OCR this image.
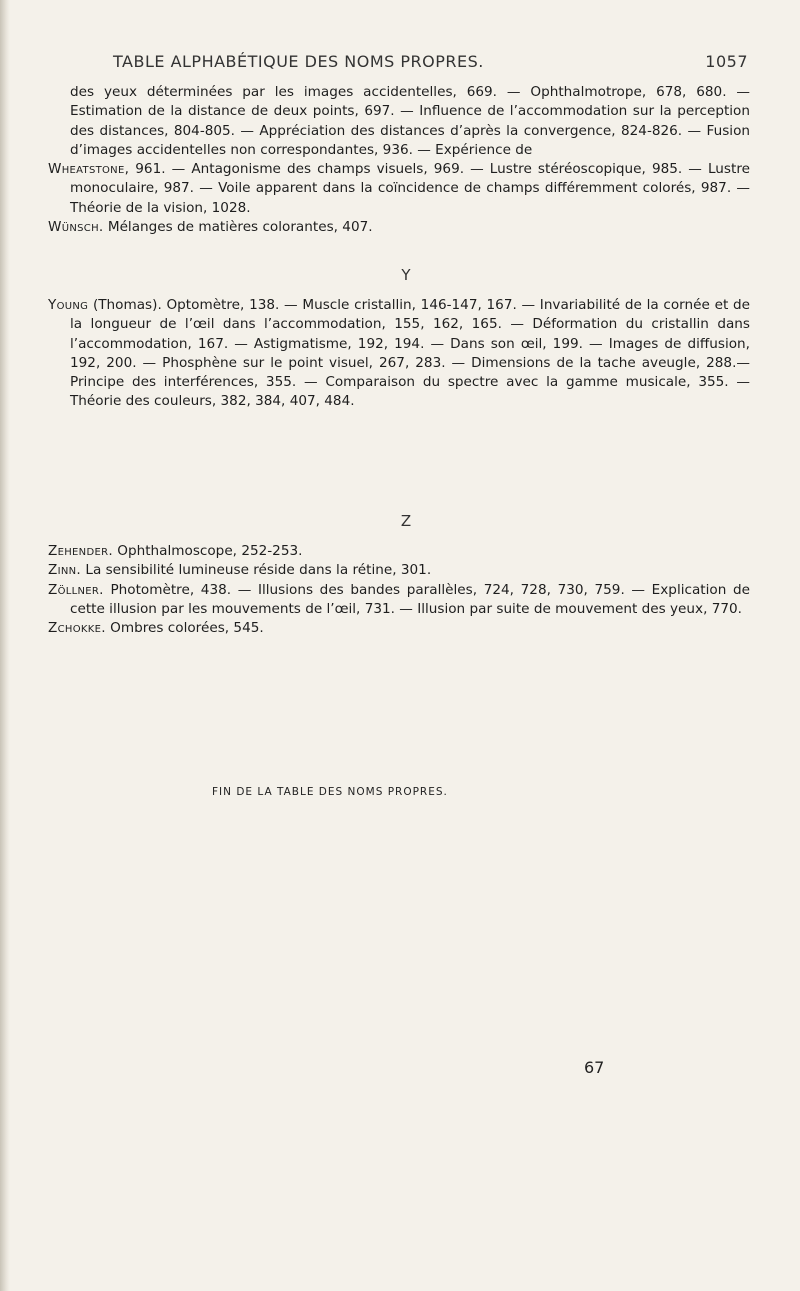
TABLE ALPHABÉTIQUE DES NOMS PROPRES.	1057

des yeux déterminées par les images accidentelles, 669. — Ophthalmotrope, 678, 680. — Estimation de la distance de deux points, 697. — Influence de l’accommodation sur la perception des distances, 804-805. — Appréciation des distances d’après la convergence, 824-826. — Fusion d’images accidentelles non correspondantes, 936. — Expérience de

Wheatstone, 961. — Antagonisme des champs visuels, 969. — Lustre stéréoscopique, 985. — Lustre monoculaire, 987. — Voile apparent dans la coïncidence de champs différemment colorés, 987. — Théorie de la vision, 1028.

Wünsch. Mélanges de matières colorantes, 407.

Y

Young (Thomas). Optomètre, 138. — Muscle cristallin, 146-147, 167. — Invariabilité de la cornée et de la longueur de l’œil dans l’accommodation, 155, 162, 165. — Déformation du cristallin dans l’accommodation, 167. — Astigmatisme, 192, 194. — Dans son œil, 199. — Images de diffusion, 192, 200. — Phosphène sur le point visuel, 267, 283. — Dimensions de la tache aveugle, 288.— Principe des interférences, 355. — Comparaison du spectre avec la gamme musicale, 355. — Théorie des couleurs, 382, 384, 407, 484.

Z

Zehender. Ophthalmoscope, 252-253.

Zinn. La sensibilité lumineuse réside dans la rétine, 301.

Zöllner. Photomètre, 438. — Illusions des bandes parallèles, 724, 728, 730, 759. — Explication de cette illusion par les mouvements de l’œil, 731. — Illusion par suite de mouvement des yeux, 770.

Zchokke. Ombres colorées, 545.

FIN DE LA TABLE DES NOMS PROPRES.
67
